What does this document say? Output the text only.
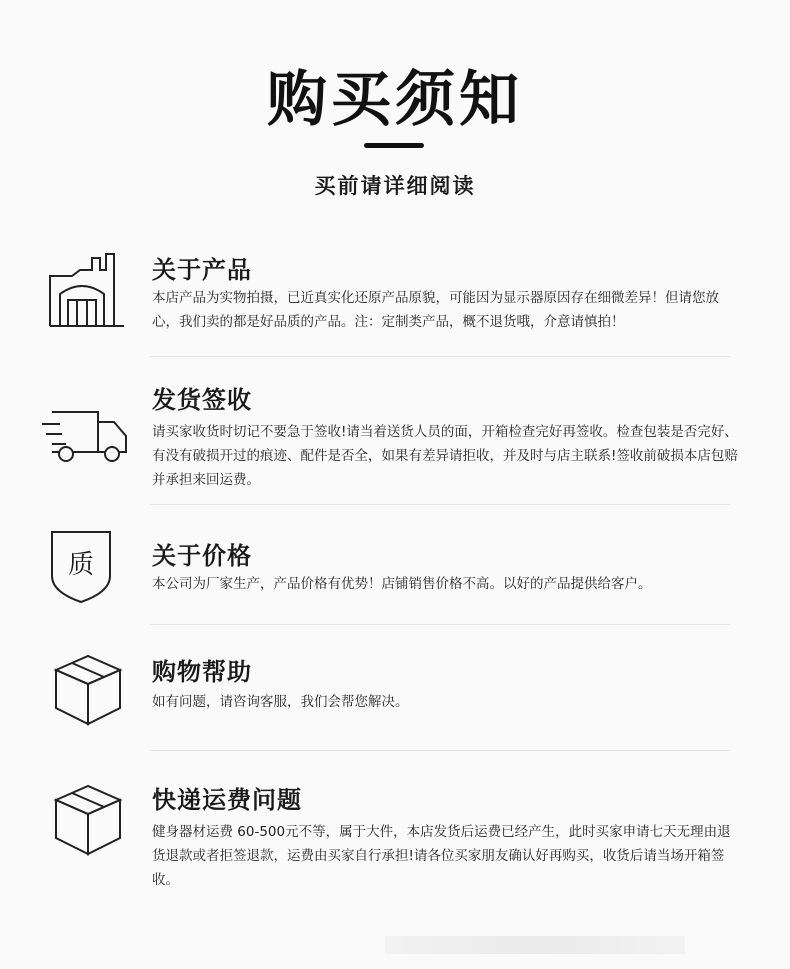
购买须知
买前请详细阅读
关于产品
本店产品为实物拍摄，已近真实化还原产品原貌，可能因为显示器原因存在细微差异！但请您放心，我们卖的都是好品质的产品。注：定制类产品，概不退货哦，介意请慎拍！
发货签收
请买家收货时切记不要急于签收!请当着送货人员的面，开箱检查完好再签收。检查包装是否完好、有没有破损开过的痕迹、配件是否全，如果有差异请拒收，并及时与店主联系!签收前破损本店包赔并承担来回运费。
质 关于价格
本公司为厂家生产，产品价格有优势！店铺销售价格不高。以好的产品提供给客户。
购物帮助
如有问题，请咨询客服，我们会帮您解决。
快递运费问题
健身器材运费 60-500元不等，属于大件，本店发货后运费已经产生，此时买家申请七天无理由退货退款或者拒签退款，运费由买家自行承担!请各位买家朋友确认好再购买，收货后请当场开箱签收。
